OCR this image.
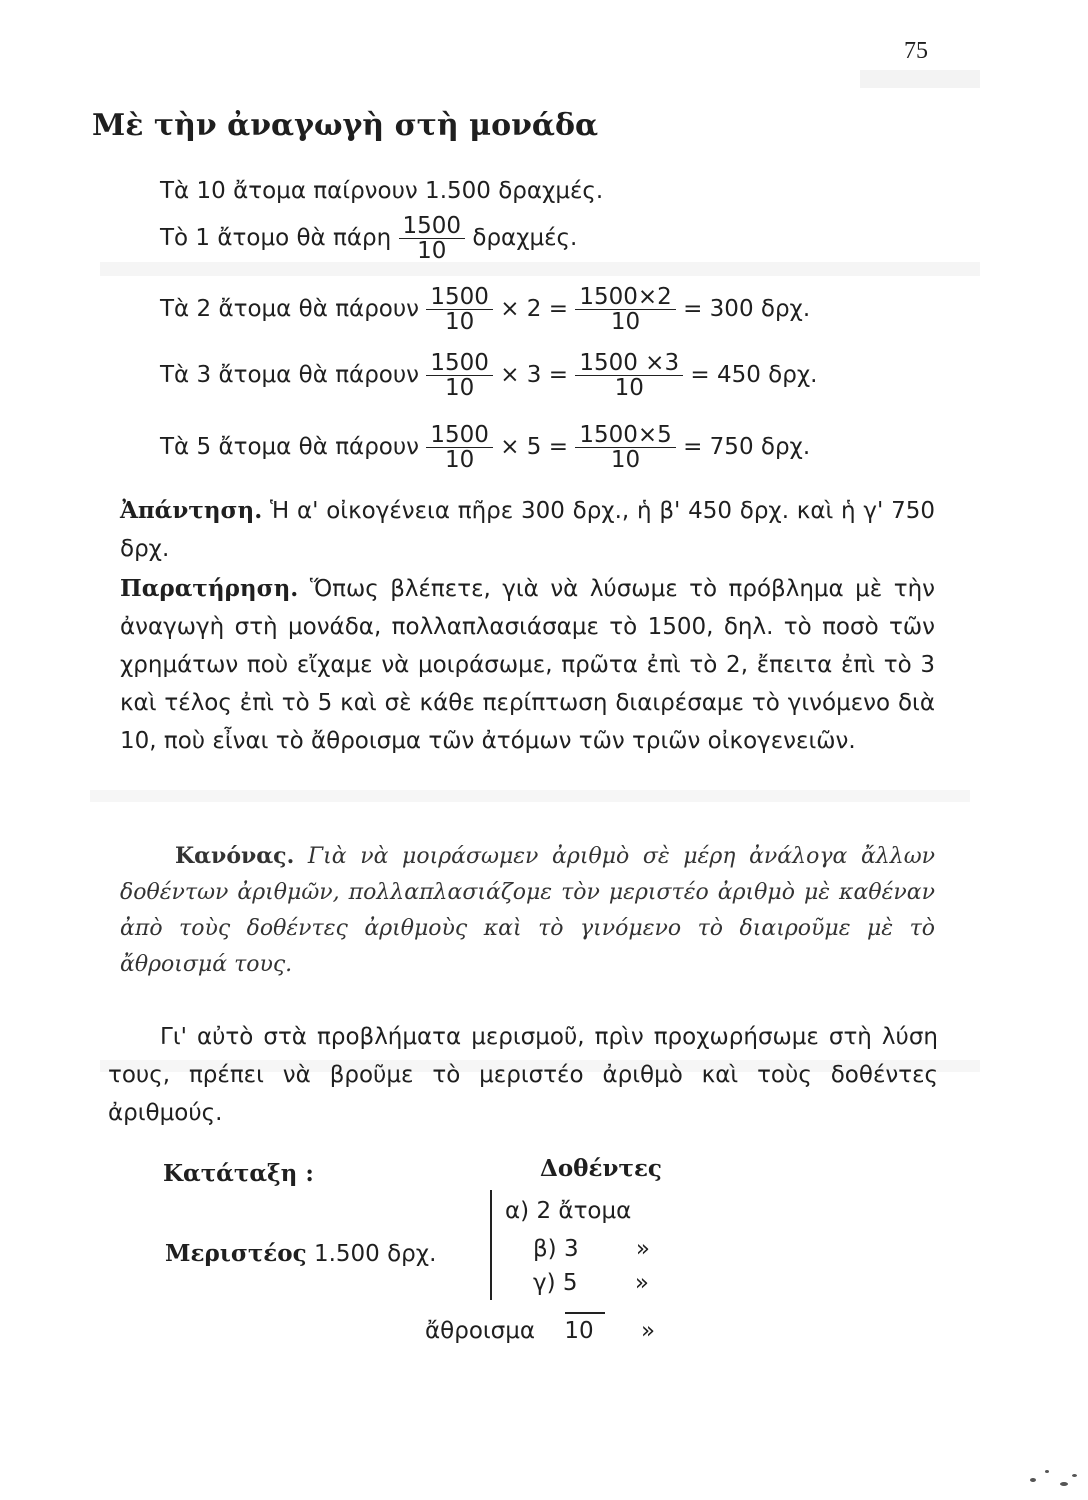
75
Μὲ τὴν ἀναγωγὴ στὴ μονάδα
Τὰ 10 ἄτομα παίρνουν 1.500 δραχμές.
Τὸ 1 ἄτομο θὰ πάρη $\frac{1500}{10} \delta\rho\alpha\chi\mu έ\varsigma$.
Τὰ 2 ἄτομα θὰ πάρουν $\frac{1500}{10} \times 2 = \frac{1500\times 2}{10} = 300$ δρχ.
Τὰ 3 ἄτομα θὰ πάρουν $\frac{1500}{10} \times 3 = \frac{1500 \times 3}{10} = 450$ δρχ.
Τὰ 5 ἄτομα θὰ πάρουν $\frac{1500}{10} \times 5 = \frac{1500\times 5}{10} = 750$ δρχ.
Ἀπάντηση. Ἡ α' οἰκογένεια πῆρε 300 δρχ., ἡ β' 450 δρχ. καὶ ἡ γ' 750 δρχ.
Παρατήρηση. Ὅπως βλέπετε, γιὰ νὰ λύσωμε τὸ πρόβλημα μὲ τὴν ἀναγωγὴ στὴ μονάδα, πολλαπλασιάσαμε τὸ 1500, δηλ. τὸ ποσὸ τῶν χρημάτων ποὺ εἴχαμε νὰ μοιράσωμε, πρῶτα ἐπὶ τὸ 2, ἔπειτα ἐπὶ τὸ 3 καὶ τέλος ἐπὶ τὸ 5 καὶ σὲ κάθε περίπτωση διαιρέσαμε τὸ γινόμενο διὰ 10, ποὺ εἶναι τὸ ἄθροισμα τῶν ἀτόμων τῶν τριῶν οἰκογενειῶν.
Κανόνας. Γιὰ νὰ μοιράσωμεν ἀριθμὸ σὲ μέρη ἀνάλογα ἄλλων δοθέντων ἀριθμῶν, πολλαπλασιάζομε τὸν μεριστέο ἀριθμὸ μὲ καθέναν ἀπὸ τοὺς δοθέντες ἀριθμοὺς καὶ τὸ γινόμενο τὸ διαιροῦμε μὲ τὸ ἄθροισμά τους.
Γι' αὐτὸ στὰ προβλήματα μερισμοῦ, πρὶν προχωρήσωμε στὴ λύση τους, πρέπει νὰ βροῦμε τὸ μεριστέο ἀριθμὸ καὶ τοὺς δοθέντες ἀριθμούς.
Κατάταξη :	Δοθέντες
Μεριστέος 1.500 δρχ.
α) 2 ἄτομα
β) 3 »
γ) 5 »
ἄθροισμα 10 »
